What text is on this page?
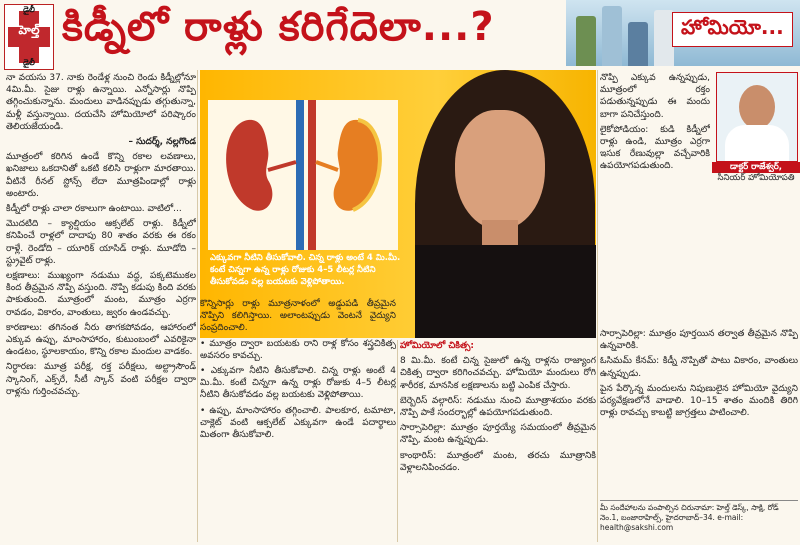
డైలీ
హెల్త్
డైలీ
కిడ్నీలో రాళ్లు కరిగేదెలా...?	హోమియో...

నా వయసు 37. నాకు రెండేళ్ల నుంచి రెండు కిడ్నీల్లోనూ 4మి.మీ. సైజు రాళ్లు ఉన్నాయి. ఎన్నోసార్లు నొప్పి తగ్గించుకున్నాను. మందులు వాడినప్పుడు తగ్గుతున్నా, మళ్లీ వస్తున్నాయి. దయచేసి హోమియోలో పరిష్కారం తెలియజేయండి.

– సుదర్శ్, నల్లగొండ

మూత్రంలో కరిగిన ఉండే కొన్ని రకాల లవణాలు, ఖనిజాలు ఒకదానితో ఒకటి కలిసి రాళ్లుగా మారతాయి. వీటినే రీనల్ స్టోన్స్ లేదా మూత్రపిండాల్లో రాళ్లు అంటారు.

కిడ్నీలో రాళ్లు చాలా రకాలుగా ఉంటాయి. వాటిలో...

మొదటిది – క్యాల్షియం ఆక్సలేట్ రాళ్లు. కిడ్నీలో కనిపించే రాళ్లలో దాదాపు 80 శాతం వరకు ఈ రకం రాళ్లే. రెండోది – యూరిక్ యాసిడ్ రాళ్లు. మూడోది – స్ట్రువైట్ రాళ్లు.

లక్షణాలు: ముఖ్యంగా నడుము వద్ద, పక్కటెముకల కింద తీవ్రమైన నొప్పి వస్తుంది. నొప్పి కడుపు కింది వరకు పాకుతుంది. మూత్రంలో మంట, మూత్రం ఎర్రగా రావడం, వికారం, వాంతులు, జ్వరం ఉండవచ్చు.

కారణాలు: తగినంత నీరు తాగకపోవడం, ఆహారంలో ఎక్కువ ఉప్పు, మాంసాహారం, కుటుంబంలో ఎవరికైనా ఉండటం, స్థూలకాయం, కొన్ని రకాల మందుల వాడకం.

నిర్ధారణ: మూత్ర పరీక్ష, రక్త పరీక్షలు, అల్ట్రాసౌండ్ స్కానింగ్, ఎక్స్‌రే, సీటీ స్కాన్ వంటి పరీక్షల ద్వారా రాళ్లను గుర్తించవచ్చు.

ఎక్కువగా నీటిని తీసుకోవాలి. చిన్న రాళ్లు అంటే 4 మి.మీ. కంటే చిన్నగా ఉన్న రాళ్లు రోజుకు 4–5 లీటర్ల నీటిని తీసుకోవడం వల్ల బయటకు వెళ్లిపోతాయి.

కొన్నిసార్లు రాళ్లు మూత్రనాళంలో అడ్డుపడి తీవ్రమైన నొప్పిని కలిగిస్తాయి. అలాంటప్పుడు వెంటనే వైద్యుని సంప్రదించాలి.

• మూత్రం ద్వారా బయటకు రాని రాళ్ల కోసం శస్త్రచికిత్స అవసరం కావచ్చు.

• ఎక్కువగా నీటిని తీసుకోవాలి. చిన్న రాళ్లు అంటే 4 మి.మీ. కంటే చిన్నగా ఉన్న రాళ్లు రోజుకు 4–5 లీటర్ల నీటిని తీసుకోవడం వల్ల బయటకు వెళ్లిపోతాయి.

• ఉప్పు, మాంసాహారం తగ్గించాలి. పాలకూర, టమాటా, చాక్లెట్ వంటి ఆక్సలేట్ ఎక్కువగా ఉండే పదార్థాలు మితంగా తీసుకోవాలి.

హోమియోలో చికిత్స:

8 మి.మీ. కంటే చిన్న సైజులో ఉన్న రాళ్లను రాజ్యాంగ చికిత్స ద్వారా కరిగించవచ్చు. హోమియో మందులు రోగి శారీరక, మానసిక లక్షణాలను బట్టి ఎంపిక చేస్తారు.

బెర్బెరిస్ వల్గారిస్: నడుము నుంచి మూత్రాశయం వరకు నొప్పి పాకే సందర్భాల్లో ఉపయోగపడుతుంది.

సార్సాపెరిల్లా: మూత్రం పూర్తయ్యే సమయంలో తీవ్రమైన నొప్పి, మంట ఉన్నప్పుడు.

కాంథారిస్: మూత్రంలో మంట, తరచు మూత్రానికి వెళ్లాలనిపించడం.

నొప్పి ఎక్కువ ఉన్నప్పుడు, మూత్రంలో రక్తం పడుతున్నప్పుడు ఈ మందు బాగా పనిచేస్తుంది.

లైకోపోడియం: కుడి కిడ్నీలో రాళ్లు ఉండి, మూత్రం ఎర్రగా ఇసుక రేణువుల్లా వచ్చేవారికి ఉపయోగపడుతుంది.	డాక్టర్ రాజేశ్వర్,
సీనియర్ హోమియోపతి

సార్సాపెరిల్లా: మూత్రం పూర్తయిన తర్వాత తీవ్రమైన నొప్పి ఉన్నవారికి.

ఓసిమమ్ కేనమ్: కిడ్నీ నొప్పితో పాటు వికారం, వాంతులు ఉన్నప్పుడు.

పైన పేర్కొన్న మందులను నిపుణులైన హోమియో వైద్యుని పర్యవేక్షణలోనే వాడాలి. 10–15 శాతం మందికి తిరిగి రాళ్లు రావచ్చు కాబట్టి జాగ్రత్తలు పాటించాలి.

మీ సందేహాలను పంపాల్సిన చిరునామా: హెల్త్ డెస్క్, సాక్షి, రోడ్ నెం.1, బంజారాహిల్స్, హైదరాబాద్–34. e-mail: health@sakshi.com
